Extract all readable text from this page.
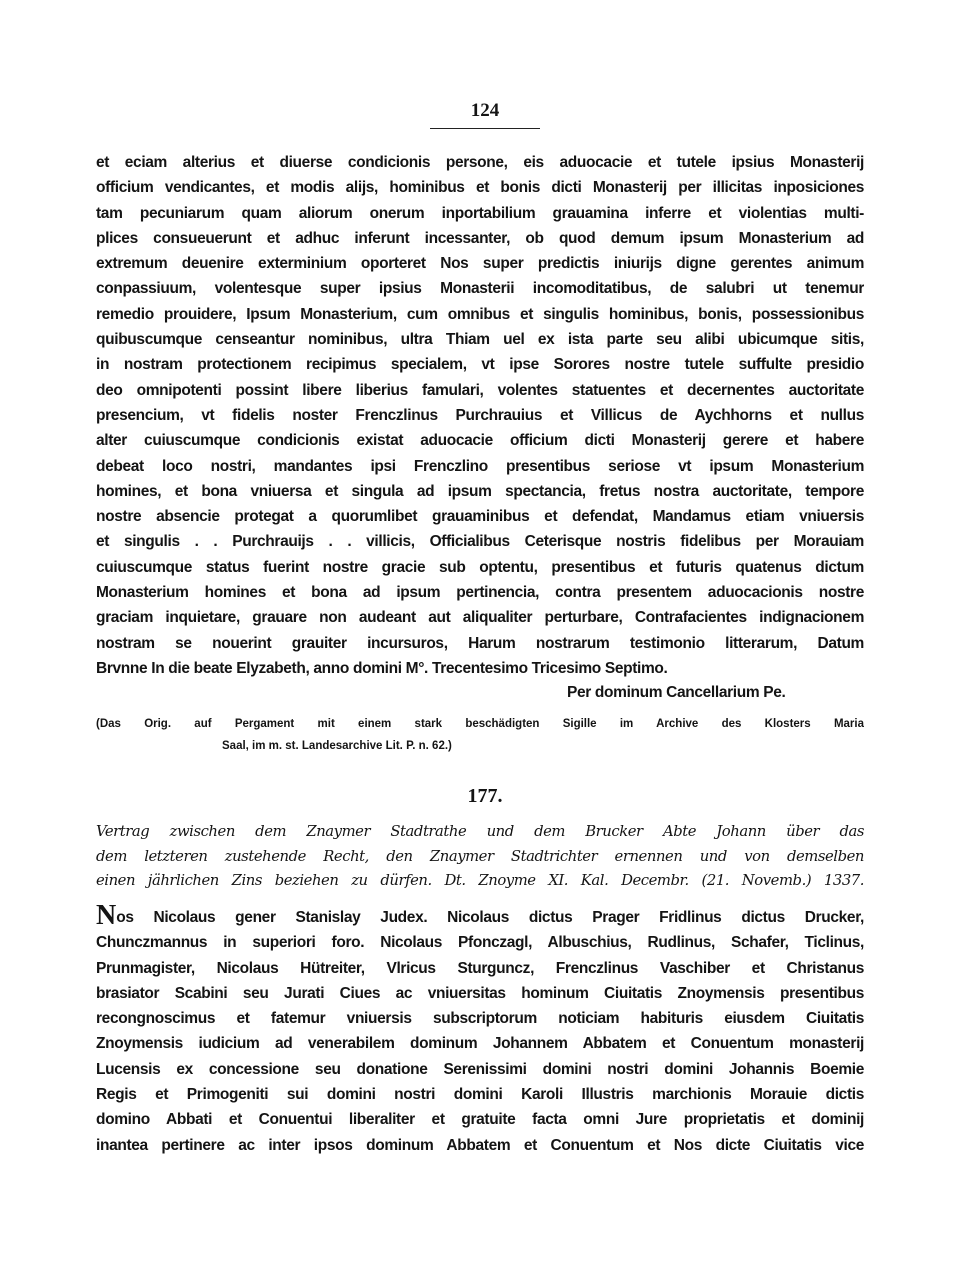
124
et eciam alterius et diuerse condicionis persone, eis aduocacie et tutele ipsius Monasterij
officium vendicantes, et modis alijs, hominibus et bonis dicti Monasterij per illicitas inposiciones
tam pecuniarum quam aliorum onerum inportabilium grauamina inferre et violentias multi-
plices consueuerunt et adhuc inferunt incessanter, ob quod demum ipsum Monasterium ad
extremum deuenire exterminium oporteret Nos super predictis iniurijs digne gerentes animum
conpassiuum, volentesque super ipsius Monasterii incomoditatibus, de salubri ut tenemur
remedio prouidere, Ipsum Monasterium, cum omnibus et singulis hominibus, bonis, possessionibus
quibuscumque censeantur nominibus, ultra Thiam uel ex ista parte seu alibi ubicumque sitis,
in nostram protectionem recipimus specialem, vt ipse Sorores nostre tutele suffulte presidio
deo omnipotenti possint libere liberius famulari, volentes statuentes et decernentes auctoritate
presencium, vt fidelis noster Frenczlinus Purchrauius et Villicus de Aychhorns et nullus
alter cuiuscumque condicionis existat aduocacie officium dicti Monasterij gerere et habere
debeat loco nostri, mandantes ipsi Frenczlino presentibus seriose vt ipsum Monasterium
homines, et bona vniuersa et singula ad ipsum spectancia, fretus nostra auctoritate, tempore
nostre absencie protegat a quorumlibet grauaminibus et defendat, Mandamus etiam vniuersis
et singulis . . Purchrauijs . . villicis, Officialibus Ceterisque nostris fidelibus per Morauiam
cuiuscumque status fuerint nostre gracie sub optentu, presentibus et futuris quatenus dictum
Monasterium homines et bona ad ipsum pertinencia, contra presentem aduocacionis nostre
graciam inquietare, grauare non audeant aut aliqualiter perturbare, Contrafacientes indignacionem
nostram se nouerint grauiter incursuros, Harum nostrarum testimonio litterarum, Datum
Brvnne In die beate Elyzabeth, anno domini M°. Trecentesimo Tricesimo Septimo.
Per dominum Cancellarium Pe.
(Das Orig. auf Pergament mit einem stark beschädigten Sigille im Archive des Klosters Maria
Saal, im m. st. Landesarchive Lit. P. n. 62.)
177.
Vertrag zwischen dem Znaymer Stadtrathe und dem Brucker Abte Johann über das
dem letzteren zustehende Recht, den Znaymer Stadtrichter ernennen und von demselben
einen jährlichen Zins beziehen zu dürfen. Dt. Znoyme XI. Kal. Decembr. (21. Novemb.) 1337.
Nos Nicolaus gener Stanislay Judex. Nicolaus dictus Prager Fridlinus dictus Drucker,
Chunczmannus in superiori foro. Nicolaus Pfonczagl, Albuschius, Rudlinus, Schafer, Ticlinus,
Prunmagister, Nicolaus Hütreiter, Vlricus Sturguncz, Frenczlinus Vaschiber et Christanus
brasiator Scabini seu Jurati Ciues ac vniuersitas hominum Ciuitatis Znoymensis presentibus
recongnoscimus et fatemur vniuersis subscriptorum noticiam habituris eiusdem Ciuitatis
Znoymensis iudicium ad venerabilem dominum Johannem Abbatem et Conuentum monasterij
Lucensis ex concessione seu donatione Serenissimi domini nostri domini Johannis Boemie
Regis et Primogeniti sui domini nostri domini Karoli Illustris marchionis Morauie dictis
domino Abbati et Conuentui liberaliter et gratuite facta omni Jure proprietatis et dominij
inantea pertinere ac inter ipsos dominum Abbatem et Conuentum et Nos dicte Ciuitatis vice
